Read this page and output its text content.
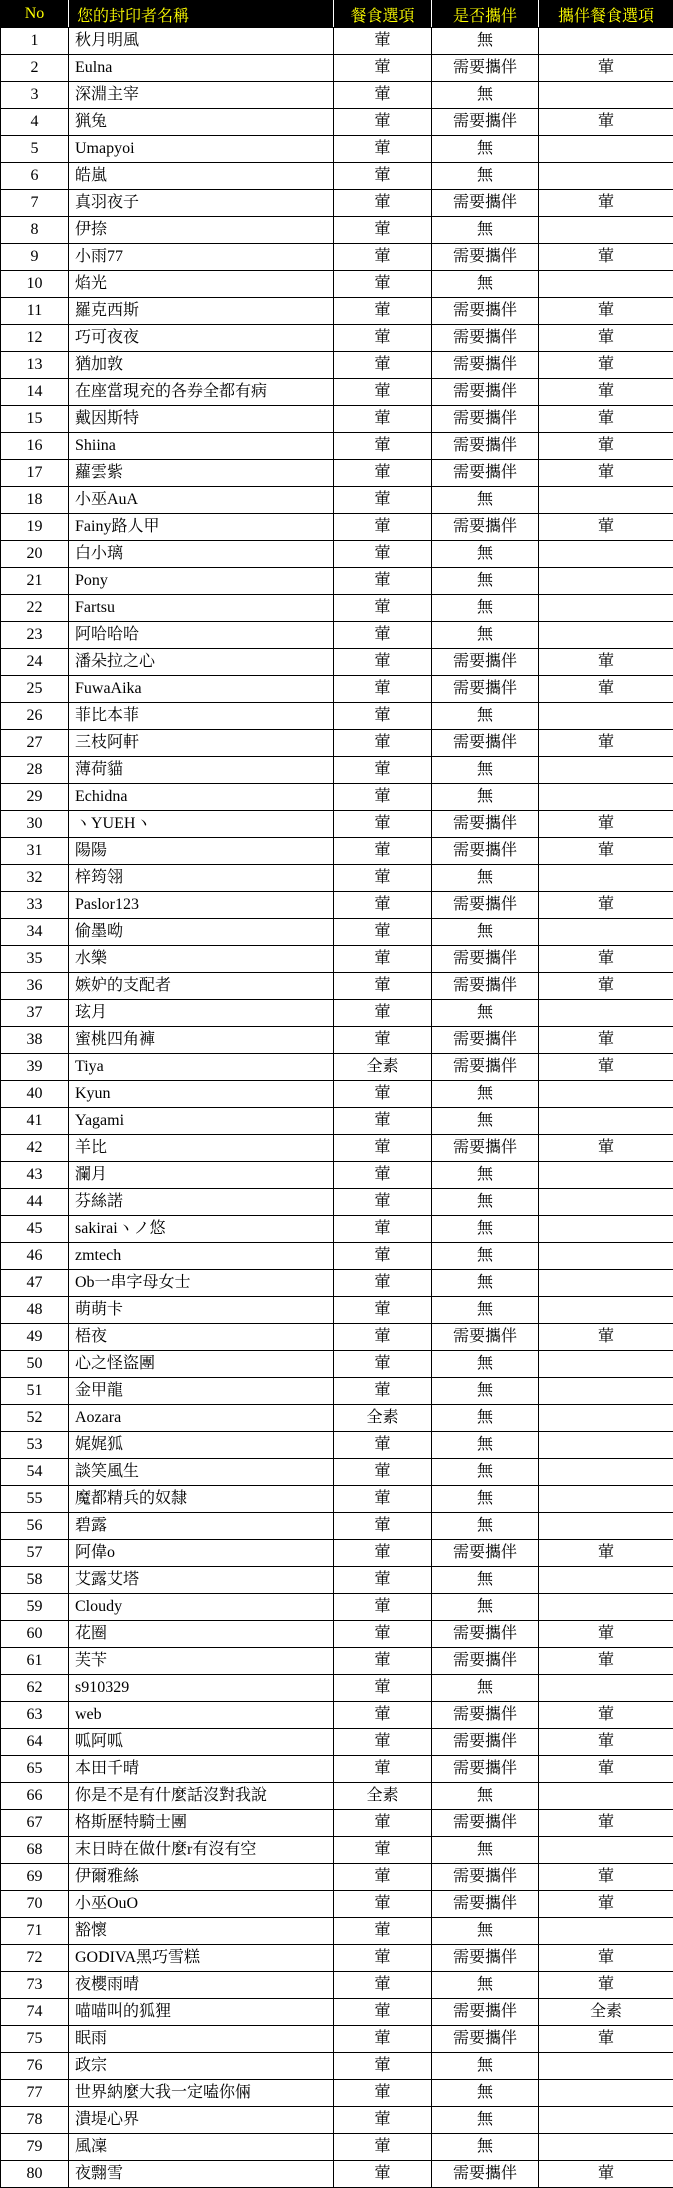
No	您的封印者名稱	餐食選項	是否攜伴	攜伴餐食選項
1	秋月明風	葷	無	
2	Eulna	葷	需要攜伴	葷
3	深淵主宰	葷	無	
4	猟兔	葷	需要攜伴	葷
5	Umapyoi	葷	無	
6	皓嵐	葷	無	
7	真羽夜子	葷	需要攜伴	葷
8	伊捺	葷	無	
9	小雨77	葷	需要攜伴	葷
10	焰光	葷	無	
11	羅克西斯	葷	需要攜伴	葷
12	巧可夜夜	葷	需要攜伴	葷
13	猶加敦	葷	需要攜伴	葷
14	在座當現充的各券全都有病	葷	需要攜伴	葷
15	戴因斯特	葷	需要攜伴	葷
16	Shiina	葷	需要攜伴	葷
17	蘿雲紫	葷	需要攜伴	葷
18	小巫AuA	葷	無	
19	Fainy路人甲	葷	需要攜伴	葷
20	白小璃	葷	無	
21	Pony	葷	無	
22	Fartsu	葷	無	
23	阿哈哈哈	葷	無	
24	潘朵拉之心	葷	需要攜伴	葷
25	FuwaAika	葷	需要攜伴	葷
26	菲比本菲	葷	無	
27	三枝阿軒	葷	需要攜伴	葷
28	薄荷貓	葷	無	
29	Echidna	葷	無	
30	ヽYUEHヽ	葷	需要攜伴	葷
31	陽陽	葷	需要攜伴	葷
32	梓筠翎	葷	無	
33	Paslor123	葷	需要攜伴	葷
34	偷墨呦	葷	無	
35	水樂	葷	需要攜伴	葷
36	嫉妒的支配者	葷	需要攜伴	葷
37	玹月	葷	無	
38	蜜桃四角褲	葷	需要攜伴	葷
39	Tiya	全素	需要攜伴	葷
40	Kyun	葷	無	
41	Yagami	葷	無	
42	羊比	葷	需要攜伴	葷
43	瀾月	葷	無	
44	芬絲諾	葷	無	
45	sakiraiヽノ悠	葷	無	
46	zmtech	葷	無	
47	Ob一串字母女士	葷	無	
48	萌萌卡	葷	無	
49	梧夜	葷	需要攜伴	葷
50	心之怪盜團	葷	無	
51	金甲龍	葷	無	
52	Aozara	全素	無	
53	娓娓狐	葷	無	
54	談笑風生	葷	無	
55	魔都精兵的奴隸	葷	無	
56	碧露	葷	無	
57	阿偉o	葷	需要攜伴	葷
58	艾露艾塔	葷	無	
59	Cloudy	葷	無	
60	花圈	葷	需要攜伴	葷
61	芙苄	葷	需要攜伴	葷
62	s910329	葷	無	
63	web	葷	需要攜伴	葷
64	呱阿呱	葷	需要攜伴	葷
65	本田千晴	葷	需要攜伴	葷
66	你是不是有什麼話沒對我說	全素	無	
67	格斯歷特騎士團	葷	需要攜伴	葷
68	末日時在做什麼r有沒有空	葷	無	
69	伊爾雅絲	葷	需要攜伴	葷
70	小巫OuO	葷	需要攜伴	葷
71	豁懷	葷	無	
72	GODIVA黑巧雪糕	葷	需要攜伴	葷
73	夜櫻雨晴	葷	無	葷
74	喵喵叫的狐狸	葷	需要攜伴	全素
75	眠雨	葷	需要攜伴	葷
76	政宗	葷	無	
77	世界納麼大我一定嗑你倆	葷	無	
78	潰堤心界	葷	無	
79	風凜	葷	無	
80	夜翲雪	葷	需要攜伴	葷
